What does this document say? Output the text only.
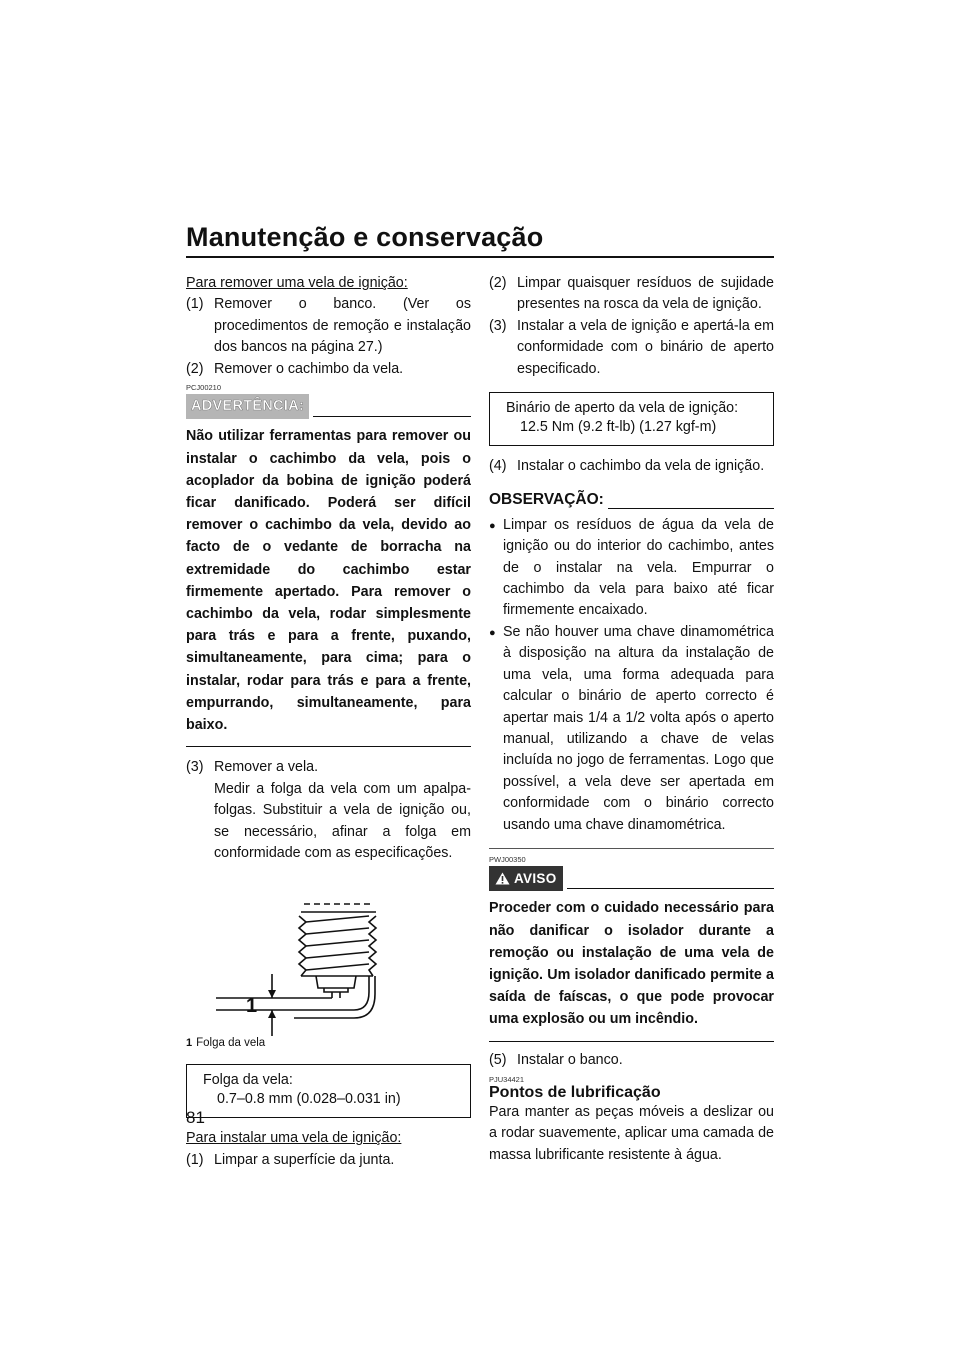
Manutenção e conservação
Para remover uma vela de ignição:
(1) Remover o banco. (Ver os procedimentos de remoção e instalação dos bancos na página 27.)
(2) Remover o cachimbo da vela.
PCJ00210
ADVERTÊNCIA:
Não utilizar ferramentas para remover ou instalar o cachimbo da vela, pois o acoplador da bobina de ignição poderá ficar danificado. Poderá ser difícil remover o cachimbo da vela, devido ao facto de o vedante de borracha na extremidade do cachimbo estar firmemente apertado. Para remover o cachimbo da vela, rodar simplesmente para trás e para a frente, puxando, simultaneamente, para cima; para o instalar, rodar para trás e para a frente, empurrando, simultaneamente, para baixo.
(3) Remover a vela.
Medir a folga da vela com um apalpa-folgas. Substituir a vela de ignição ou, se necessário, afinar a folga em conformidade com as especificações.
1
1 Folga da vela
Folga da vela:
0.7–0.8 mm (0.028–0.031 in)
Para instalar uma vela de ignição:
(1) Limpar a superfície da junta.
(2) Limpar quaisquer resíduos de sujidade presentes na rosca da vela de ignição.
(3) Instalar a vela de ignição e apertá-la em conformidade com o binário de aperto especificado.
Binário de aperto da vela de ignição:
12.5 Nm (9.2 ft-lb) (1.27 kgf-m)
(4) Instalar o cachimbo da vela de ignição.
OBSERVAÇÃO:
● Limpar os resíduos de água da vela de ignição ou do interior do cachimbo, antes de o instalar na vela. Empurrar o cachimbo da vela para baixo até ficar firmemente encaixado.
● Se não houver uma chave dinamométrica à disposição na altura da instalação de uma vela, uma forma adequada para calcular o binário de aperto correcto é apertar mais 1/4 a 1/2 volta após o aperto manual, utilizando a chave de velas incluída no jogo de ferramentas. Logo que possível, a vela deve ser apertada em conformidade com o binário correcto usando uma chave dinamométrica.
PWJ00350
AVISO
Proceder com o cuidado necessário para não danificar o isolador durante a remoção ou instalação de uma vela de ignição. Um isolador danificado permite a saída de faíscas, o que pode provocar uma explosão ou um incêndio.
(5) Instalar o banco.
PJU34421
Pontos de lubrificação
Para manter as peças móveis a deslizar ou a rodar suavemente, aplicar uma camada de massa lubrificante resistente à água.
81
